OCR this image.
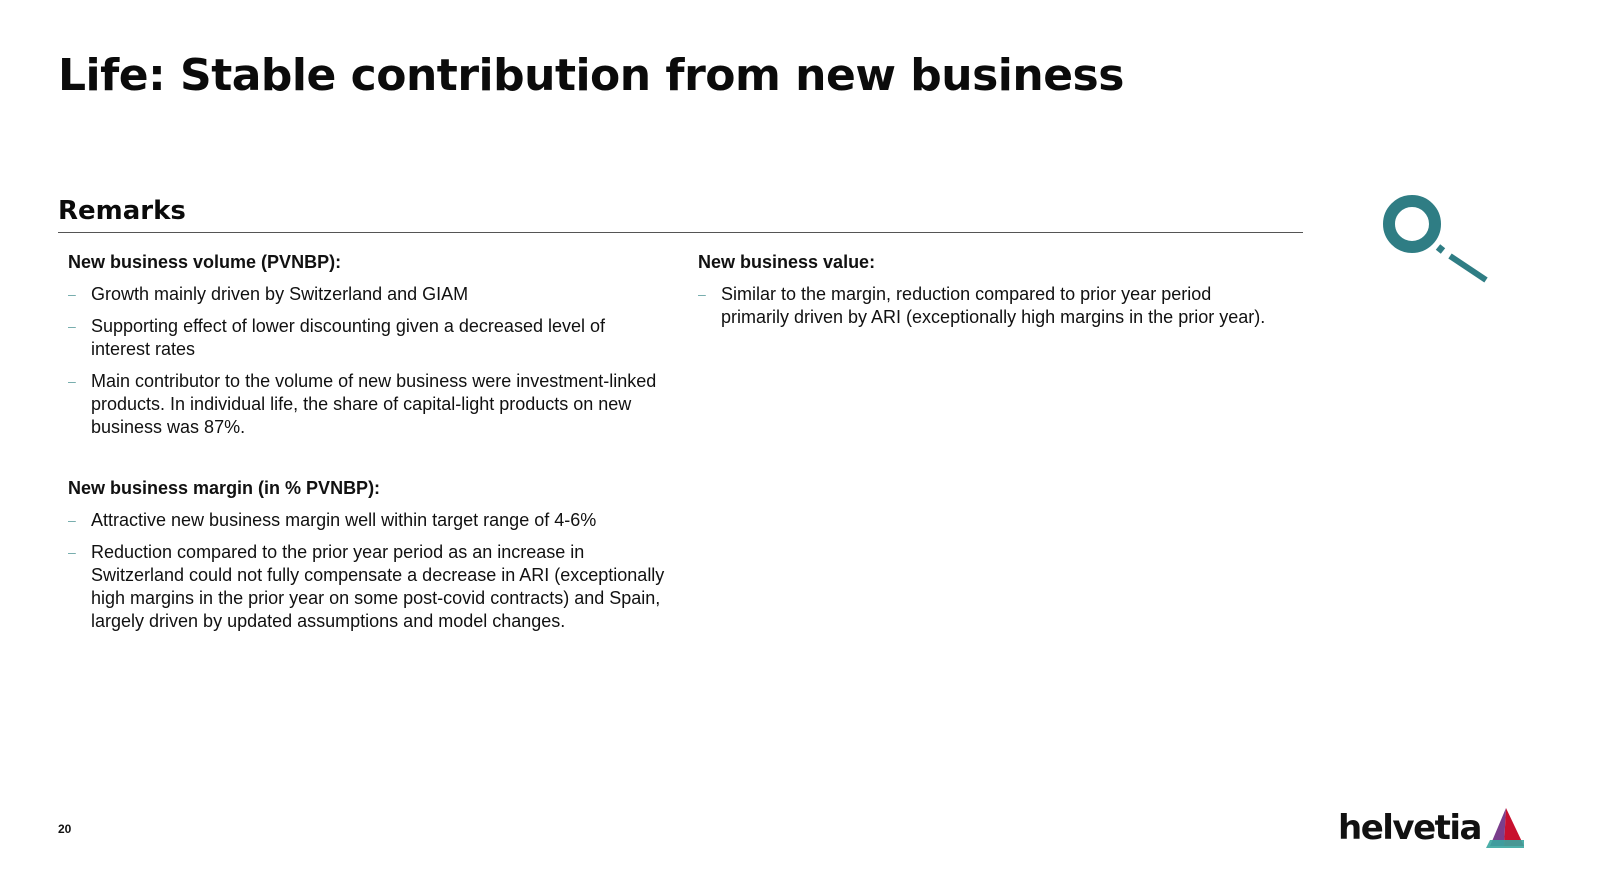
Life: Stable contribution from new business
Remarks

New business volume (PVNBP):

– Growth mainly driven by Switzerland and GIAM
– Supporting effect of lower discounting given a decreased level of interest rates
– Main contributor to the volume of new business were investment-linked products. In individual life, the share of capital-light products on new business was 87%.

New business margin (in % PVNBP):

– Attractive new business margin well within target range of 4-6%
– Reduction compared to the prior year period as an increase in Switzerland could not fully compensate a decrease in ARI (exceptionally high margins in the prior year on some post-covid contracts) and Spain, largely driven by updated assumptions and model changes.

New business value:

– Similar to the margin, reduction compared to prior year period primarily driven by ARI (exceptionally high margins in the prior year).
20	helvetia
